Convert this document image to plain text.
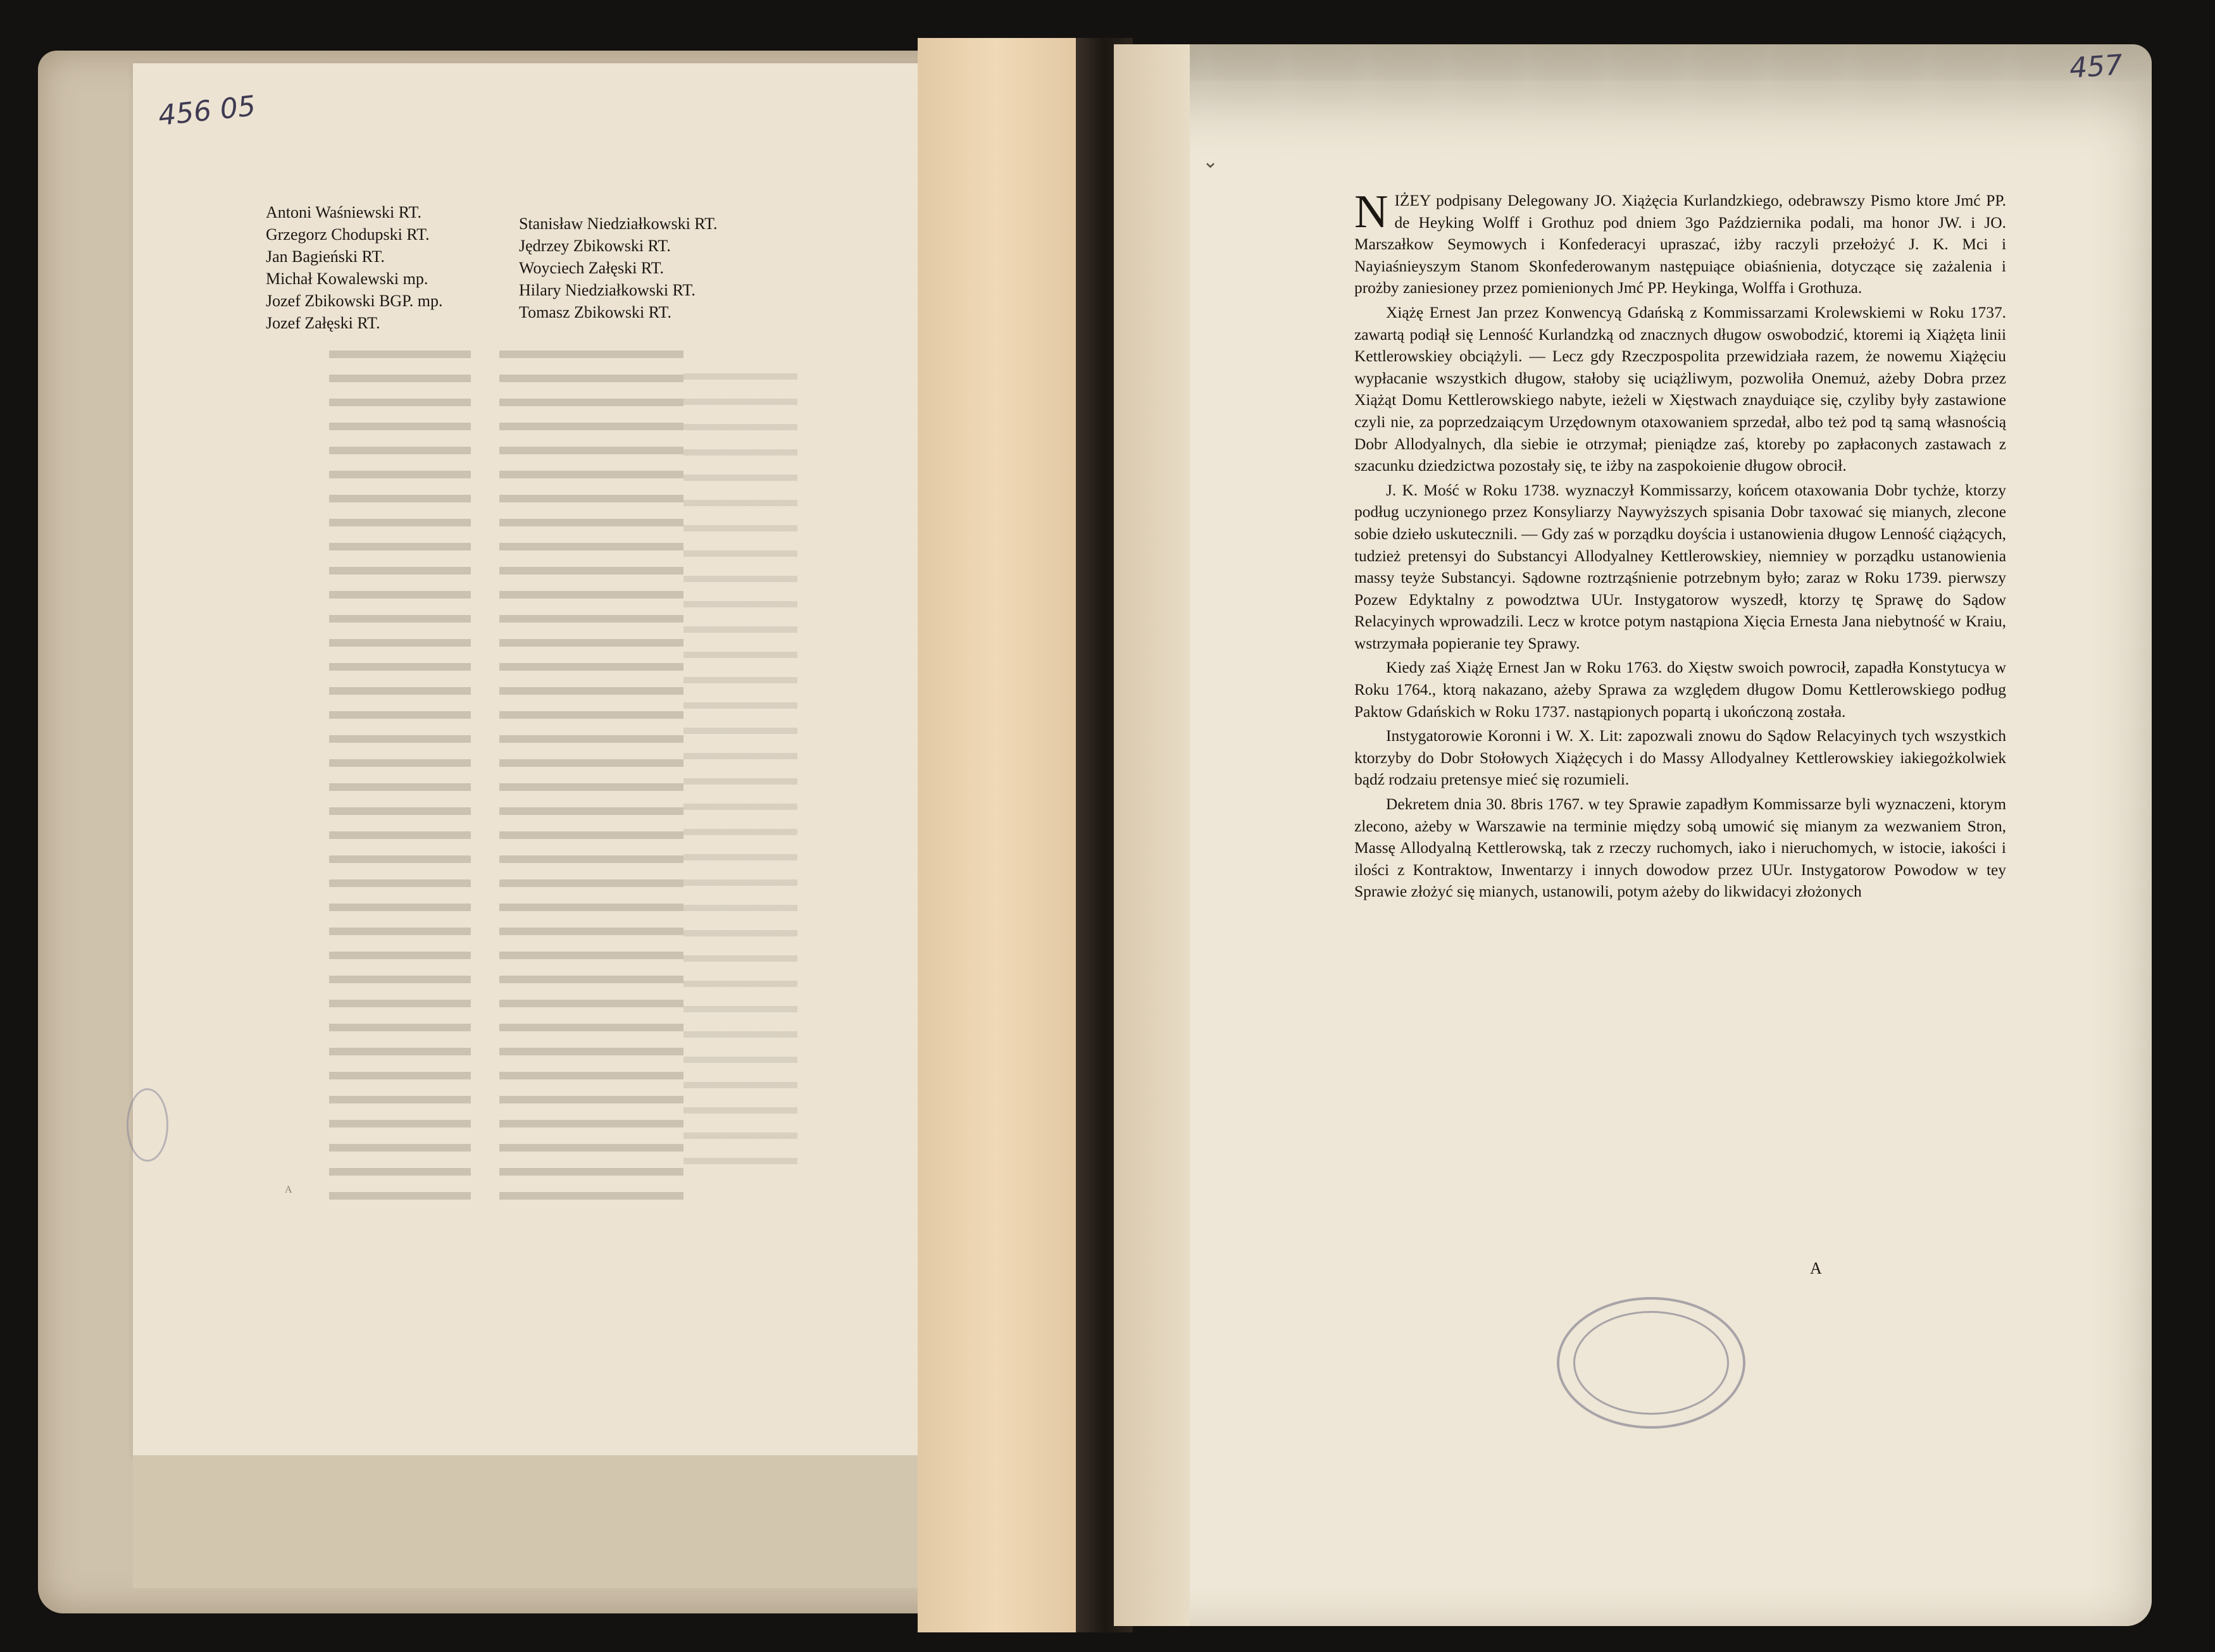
456 05
457
Antoni Waśniewski RT.
Grzegorz Chodupski RT.
Jan Bagieński RT.
Michał Kowalewski mp.
Jozef Zbikowski BGP. mp.
Jozef Załęski RT.
Stanisław Niedziałkowski RT.
Jędrzey Zbikowski RT.
Woyciech Załęski RT.
Hilary Niedziałkowski RT.
Tomasz Zbikowski RT.
A
⌄

NIŻEY podpisany Delegowany JO. Xiążęcia Kurlandzkiego, odebrawszy Pismo ktore Jmć PP. de Heyking Wolff i Grothuz pod dniem 3go Października podali, ma honor JW. i JO. Marszałkow Seymowych i Konfederacyi upraszać, iżby raczyli przełożyć J. K. Mci i Nayiaśnieyszym Stanom Skonfederowanym następuiące obiaśnienia, dotyczące się zażalenia i prożby zaniesioney przez pomienionych Jmć PP. Heykinga, Wolffa i Grothuza.

Xiążę Ernest Jan przez Konwencyą Gdańską z Kommissarzami Krolewskiemi w Roku 1737. zawartą podiął się Lenność Kurlandzką od znacznych długow oswobodzić, ktoremi ią Xiążęta linii Kettlerowskiey obciążyli. — Lecz gdy Rzeczpospolita przewidziała razem, że nowemu Xiążęciu wypłacanie wszystkich długow, stałoby się uciążliwym, pozwoliła Onemuż, ażeby Dobra przez Xiążąt Domu Kettlerowskiego nabyte, ieżeli w Xięstwach znayduiące się, czyliby były zastawione czyli nie, za poprzedzaiącym Urzędownym otaxowaniem sprzedał, albo też pod tą samą własnością Dobr Allodyalnych, dla siebie ie otrzymał; pieniądze zaś, ktoreby po zapłaconych zastawach z szacunku dziedzictwa pozostały się, te iżby na zaspokoienie długow obrocił.

J. K. Mość w Roku 1738. wyznaczył Kommissarzy, końcem otaxowania Dobr tychże, ktorzy podług uczynionego przez Konsyliarzy Naywyższych spisania Dobr taxować się mianych, zlecone sobie dzieło uskutecznili. — Gdy zaś w porządku doyścia i ustanowienia długow Lenność ciążących, tudzież pretensyi do Substancyi Allodyalney Kettlerowskiey, niemniey w porządku ustanowienia massy teyże Substancyi. Sądowne roztrząśnienie potrzebnym było; zaraz w Roku 1739. pierwszy Pozew Edyktalny z powodztwa UUr. Instygatorow wyszedł, ktorzy tę Sprawę do Sądow Relacyinych wprowadzili. Lecz w krotce potym nastąpiona Xięcia Ernesta Jana niebytność w Kraiu, wstrzymała popieranie tey Sprawy.

Kiedy zaś Xiążę Ernest Jan w Roku 1763. do Xięstw swoich powrocił, zapadła Konstytucya w Roku 1764., ktorą nakazano, ażeby Sprawa za względem długow Domu Kettlerowskiego podług Paktow Gdańskich w Roku 1737. nastąpionych popartą i ukończoną została.

Instygatorowie Koronni i W. X. Lit: zapozwali znowu do Sądow Relacyinych tych wszystkich ktorzyby do Dobr Stołowych Xiążęcych i do Massy Allodyalney Kettlerowskiey iakiegożkolwiek bądź rodzaiu pretensye mieć się rozumieli.

Dekretem dnia 30. 8bris 1767. w tey Sprawie zapadłym Kommissarze byli wyznaczeni, ktorym zlecono, ażeby w Warszawie na terminie między sobą umowić się mianym za wezwaniem Stron, Massę Allodyalną Kettlerowską, tak z rzeczy ruchomych, iako i nieruchomych, w istocie, iakości i ilości z Kontraktow, Inwentarzy i innych dowodow przez UUr. Instygatorow Powodow w tey Sprawie złożyć się mianych, ustanowili, potym ażeby do likwidacyi złożonych

A
